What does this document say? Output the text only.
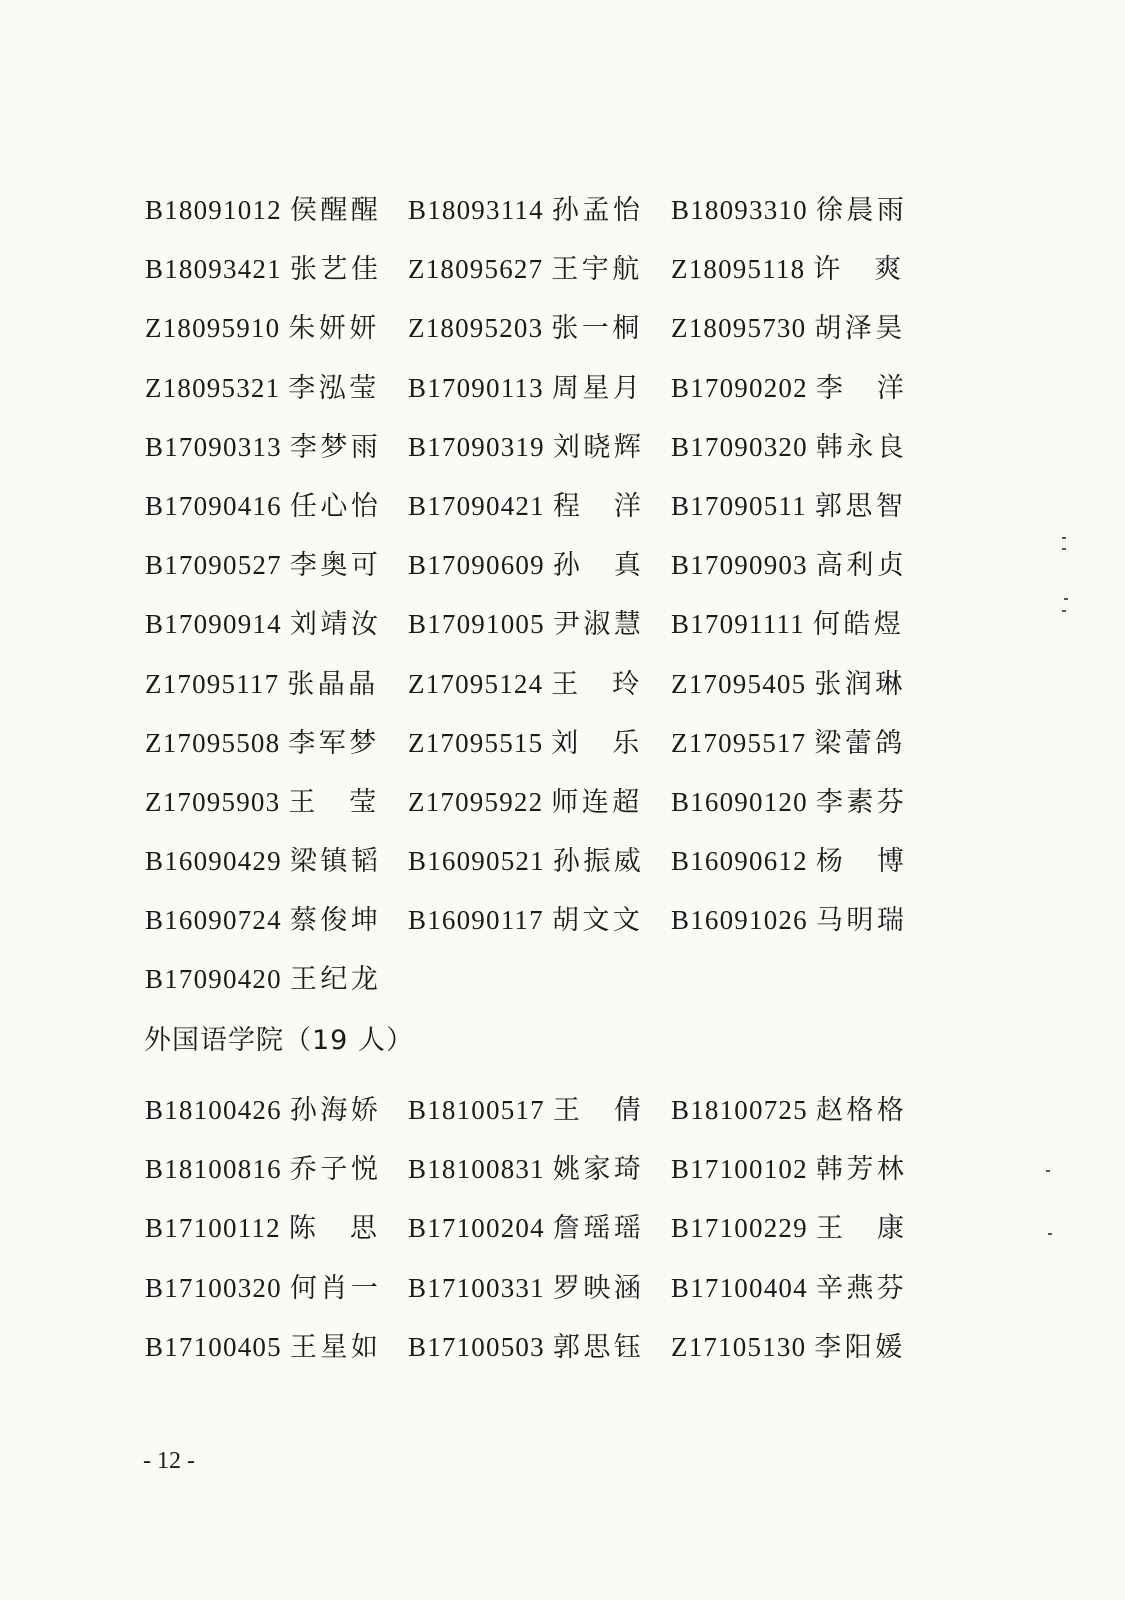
B18091012 侯 醒 醒 B18093114 孙 孟 怡 B18093310 徐 晨 雨
B18093421 张 艺 佳 Z18095627 王 宇 航 Z18095118 许 爽
Z18095910 朱 妍 妍 Z18095203 张 一 桐 Z18095730 胡 泽 昊
Z18095321 李 泓 莹 B17090113 周 星 月 B17090202 李 洋
B17090313 李 梦 雨 B17090319 刘 晓 辉 B17090320 韩 永 良
B17090416 任 心 怡 B17090421 程 洋 B17090511 郭 思 智
B17090527 李 奥 可 B17090609 孙 真 B17090903 高 利 贞
B17090914 刘 靖 汝 B17091005 尹 淑 慧 B17091111 何 皓 煜
Z17095117 张 晶 晶 Z17095124 王 玲 Z17095405 张 润 琳
Z17095508 李 军 梦 Z17095515 刘 乐 Z17095517 梁 蕾 鸽
Z17095903 王 莹 Z17095922 师 连 超 B16090120 李 素 芬
B16090429 梁 镇 韬 B16090521 孙 振 威 B16090612 杨 博
B16090724 蔡 俊 坤 B16090117 胡 文 文 B16091026 马 明 瑞
B17090420 王 纪 龙
外国语学院（19 人）
B18100426 孙 海 娇 B18100517 王 倩 B18100725 赵 格 格
B18100816 乔 子 悦 B18100831 姚 家 琦 B17100102 韩 芳 林
B17100112 陈 思 B17100204 詹 瑶 瑶 B17100229 王 康
B17100320 何 肖 一 B17100331 罗 映 涵 B17100404 辛 燕 芬
B17100405 王 星 如 B17100503 郭 思 钰 Z17105130 李 阳 媛
- 12 -
